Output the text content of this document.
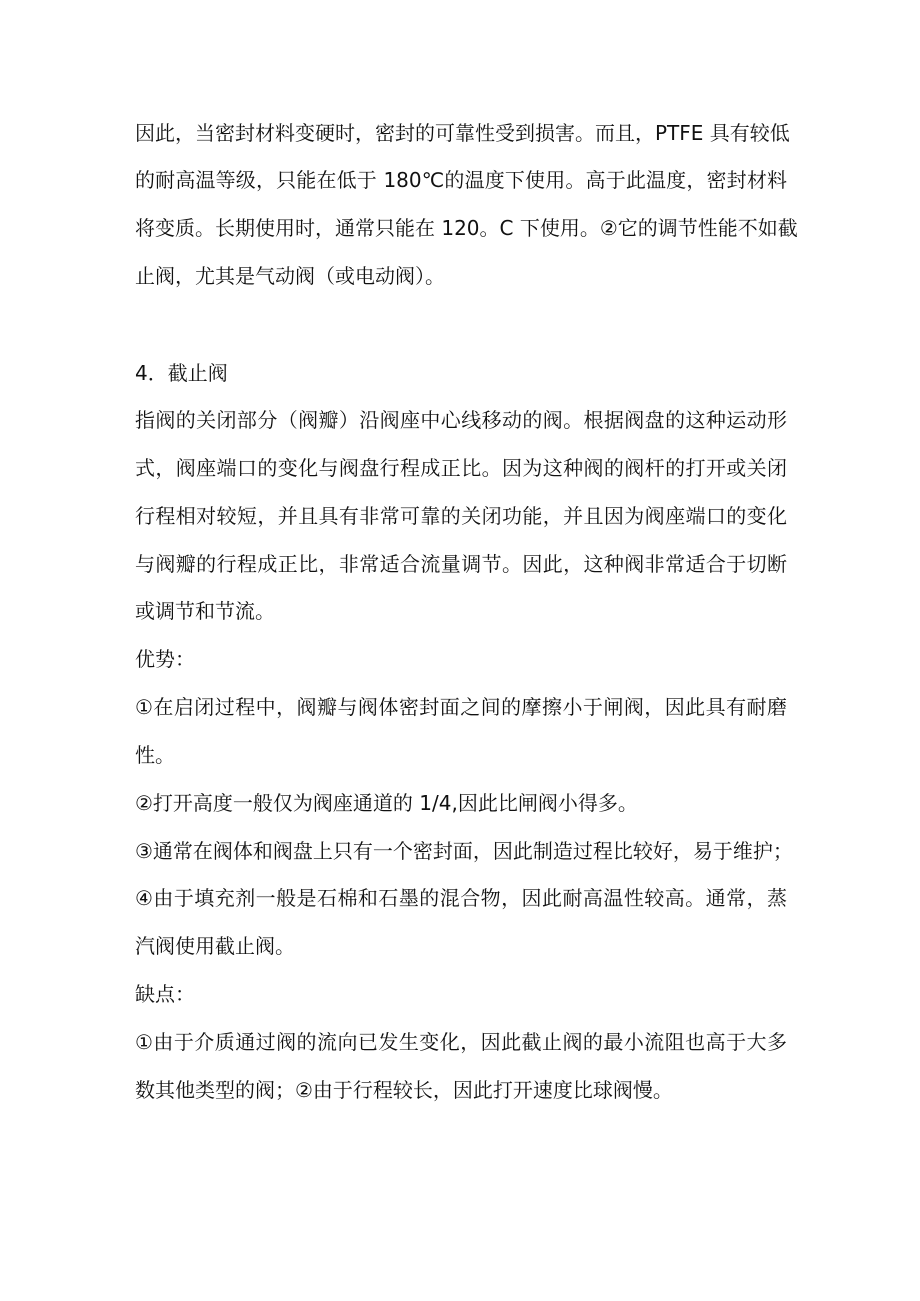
因此，当密封材料变硬时，密封的可靠性受到损害。而且，PTFE 具有较低
的耐高温等级，只能在低于 180℃的温度下使用。高于此温度，密封材料
将变质。长期使用时，通常只能在 120。C 下使用。②它的调节性能不如截
止阀，尤其是气动阀（或电动阀）。
4．截止阀
指阀的关闭部分（阀瓣）沿阀座中心线移动的阀。根据阀盘的这种运动形
式，阀座端口的变化与阀盘行程成正比。因为这种阀的阀杆的打开或关闭
行程相对较短，并且具有非常可靠的关闭功能，并且因为阀座端口的变化
与阀瓣的行程成正比，非常适合流量调节。因此，这种阀非常适合于切断
或调节和节流。
优势：
①在启闭过程中，阀瓣与阀体密封面之间的摩擦小于闸阀，因此具有耐磨
性。
②打开高度一般仅为阀座通道的 1/4,因此比闸阀小得多。
③通常在阀体和阀盘上只有一个密封面，因此制造过程比较好，易于维护；
④由于填充剂一般是石棉和石墨的混合物，因此耐高温性较高。通常，蒸
汽阀使用截止阀。
缺点：
①由于介质通过阀的流向已发生变化，因此截止阀的最小流阻也高于大多
数其他类型的阀；②由于行程较长，因此打开速度比球阀慢。
